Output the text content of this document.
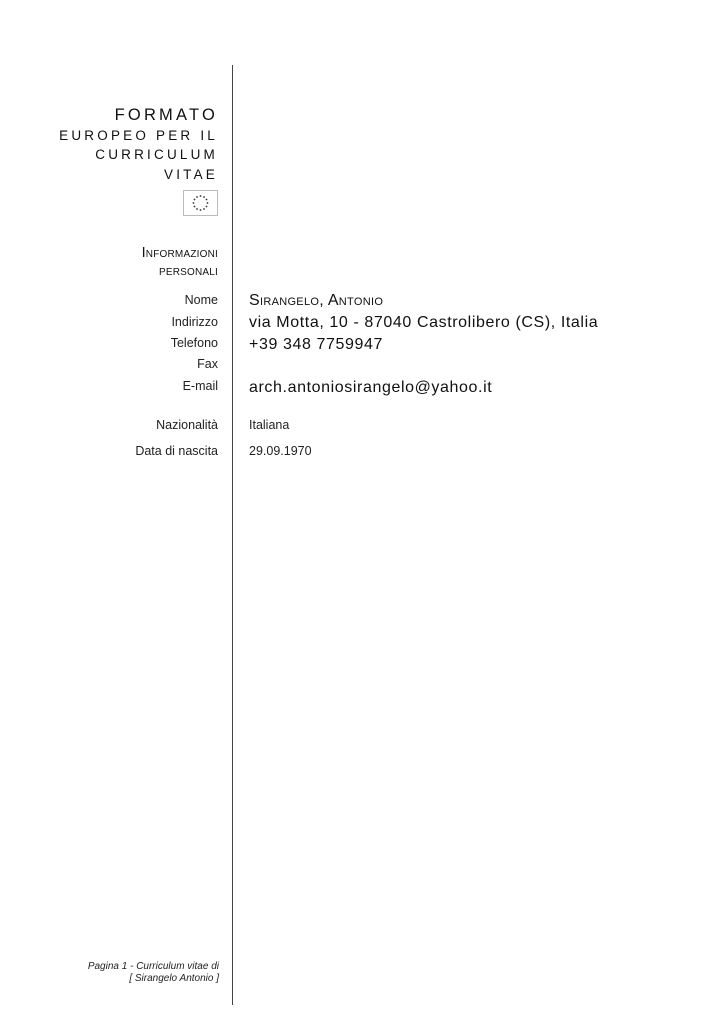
FORMATO
EUROPEO PER IL
CURRICULUM
VITAE
Informazioni
personali
Nome
Indirizzo
Telefono
Fax
E-mail
Nazionalità
Data di nascita
Sirangelo, Antonio
via Motta, 10 - 87040 Castrolibero (CS), Italia
+39 348 7759947
arch.antoniosirangelo@yahoo.it
Italiana
29.09.1970
Pagina 1 - Curriculum vitae di
[ Sirangelo Antonio ]
